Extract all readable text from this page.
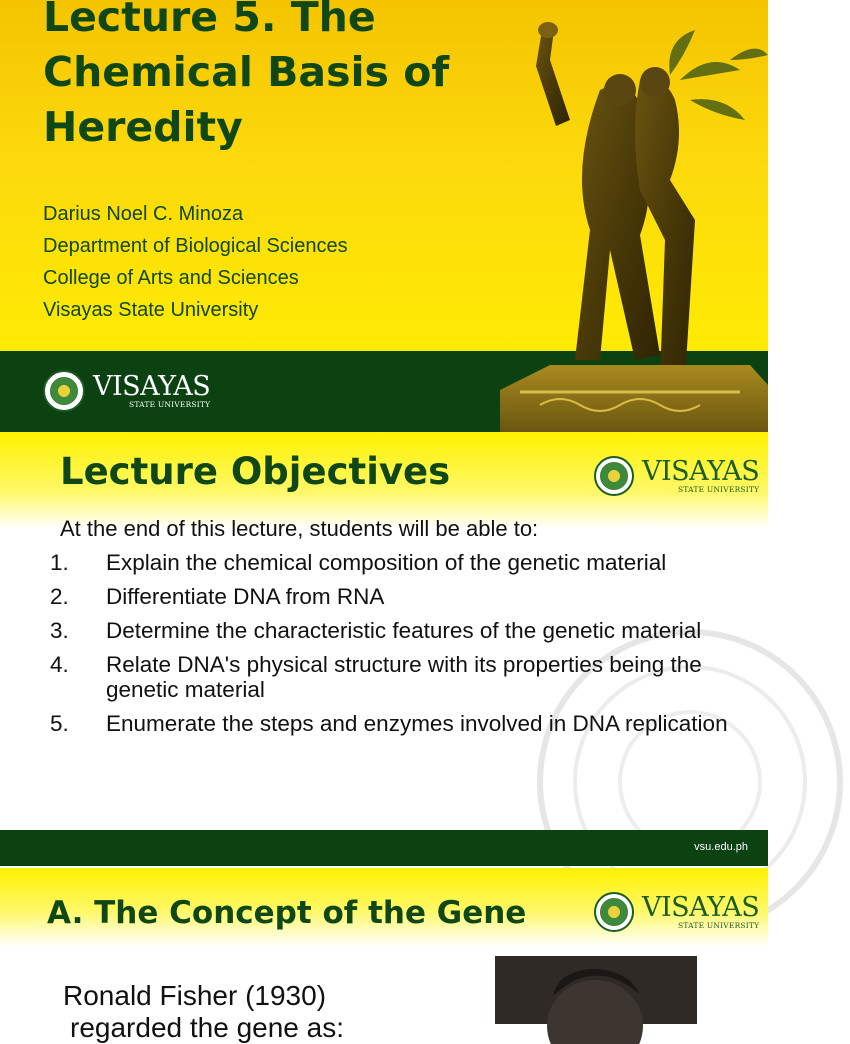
Lecture 5. The Chemical Basis of Heredity
Darius Noel C. Minoza
Department of Biological Sciences
College of Arts and Sciences
Visayas State University
VISAYAS
STATE UNIVERSITY
Lecture Objectives	VISAYAS
STATE UNIVERSITY

At the end of this lecture, students will be able to:

1.	Explain the chemical composition of the genetic material
2.	Differentiate DNA from RNA
3.	Determine the characteristic features of the genetic material
4.	Relate DNA's physical structure with its properties being the genetic material
5.	Enumerate the steps and enzymes involved in DNA replication
vsu.edu.ph
A. The Concept of the Gene	VISAYAS
STATE UNIVERSITY
Ronald Fisher (1930)
regarded the gene as:
